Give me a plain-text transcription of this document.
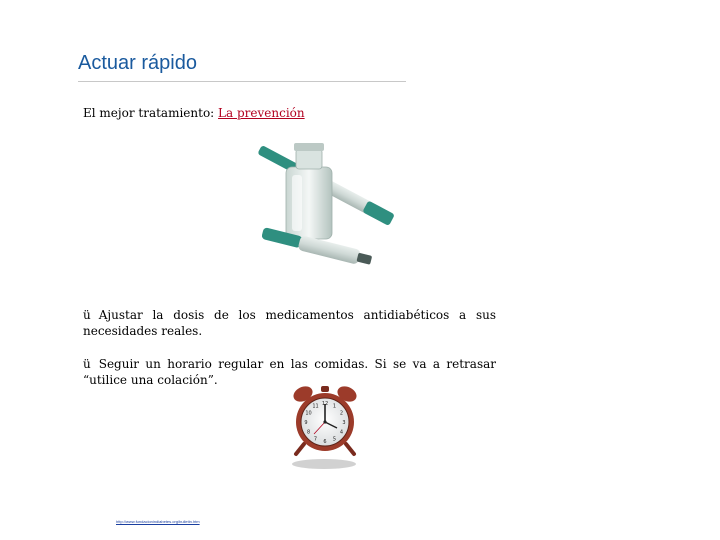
Actuar rápido
El mejor tratamiento: La prevención
ü Ajustar la dosis de los medicamentos antidiabéticos a sus necesidades reales.
ü Seguir un horario regular en las comidas. Si se va a retrasar “utilice una colación”.
12 1
2
3
4
5
6
7
8
9
10
11
http://www.fundacionindiabetes.org/bulletin.htm
